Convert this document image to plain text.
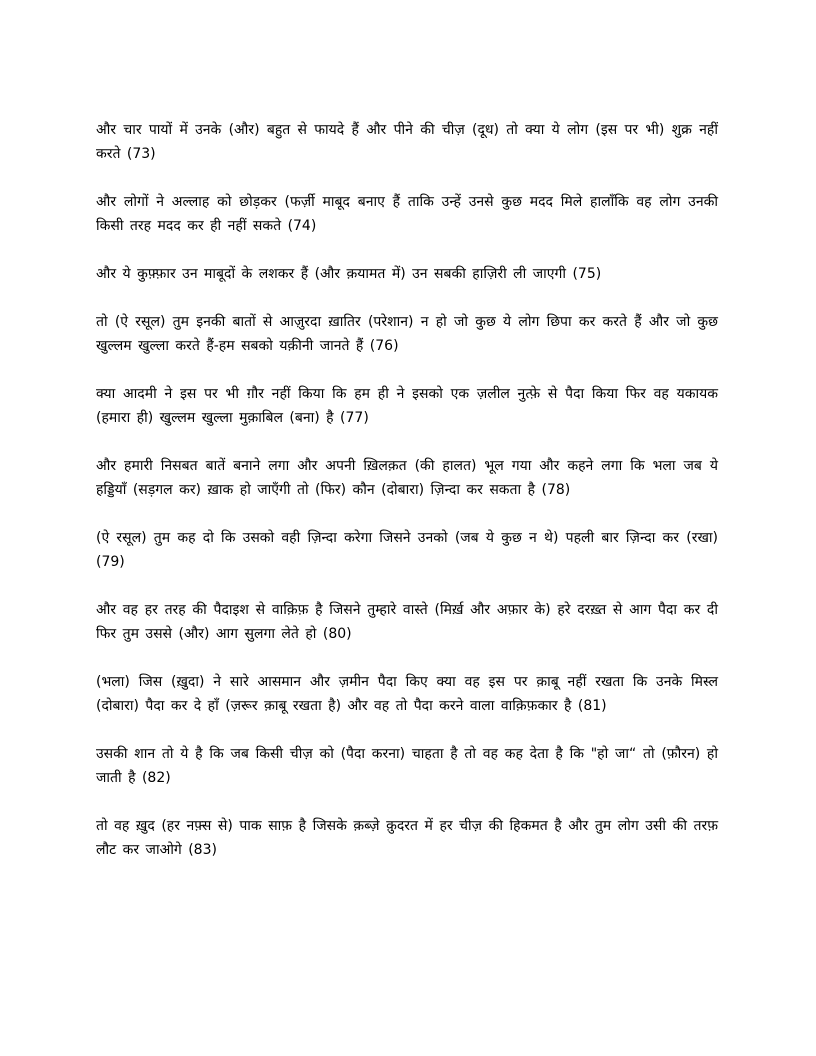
और चार पायों में उनके (और) बहुत से फायदे हैं और पीने की चीज़ (दूध) तो क्या ये लोग (इस पर भी) शुक्र नहीं करते (73)

और लोगों ने अल्लाह को छोड़कर (फर्ज़ी माबूद बनाए हैं ताकि उन्हें उनसे कुछ मदद मिले हालाँकि वह लोग उनकी किसी तरह मदद कर ही नहीं सकते (74)

और ये कुफ़्फ़ार उन माबूदों के लशकर हैं (और क़यामत में) उन सबकी हाज़िरी ली जाएगी (75)

तो (ऐ रसूल) तुम इनकी बातों से आज़ुरदा ख़ातिर (परेशान) न हो जो कुछ ये लोग छिपा कर करते हैं और जो कुछ खुल्लम खुल्ला करते हैं-हम सबको यक़ीनी जानते हैं (76)

क्या आदमी ने इस पर भी ग़ौर नहीं किया कि हम ही ने इसको एक ज़लील नुत्फ़े से पैदा किया फिर वह यकायक (हमारा ही) खुल्लम खुल्ला मुक़ाबिल (बना) है (77)

और हमारी निसबत बातें बनाने लगा और अपनी ख़िलक़त (की हालत) भूल गया और कहने लगा कि भला जब ये हड्डियाँ (सड़गल कर) ख़ाक हो जाएँगी तो (फिर) कौन (दोबारा) ज़िन्दा कर सकता है (78)

(ऐ रसूल) तुम कह दो कि उसको वही ज़िन्दा करेगा जिसने उनको (जब ये कुछ न थे) पहली बार ज़िन्दा कर (रखा) (79)

और वह हर तरह की पैदाइश से वाक़िफ़ है जिसने तुम्हारे वास्ते (मिर्ख़ और अफ़ार के) हरे दरख़्त से आग पैदा कर दी फिर तुम उससे (और) आग सुलगा लेते हो (80)

(भला) जिस (ख़ुदा) ने सारे आसमान और ज़मीन पैदा किए क्या वह इस पर क़ाबू नहीं रखता कि उनके मिस्ल (दोबारा) पैदा कर दे हाँ (ज़रूर क़ाबू रखता है) और वह तो पैदा करने वाला वाक़िफ़कार है (81)

उसकी शान तो ये है कि जब किसी चीज़ को (पैदा करना) चाहता है तो वह कह देता है कि "हो जा“ तो (फ़ौरन) हो जाती है (82)

तो वह ख़ुद (हर नफ़्स से) पाक साफ़ है जिसके क़ब्ज़े क़ुदरत में हर चीज़ की हिकमत है और तुम लोग उसी की तरफ़ लौट कर जाओगे (83)
